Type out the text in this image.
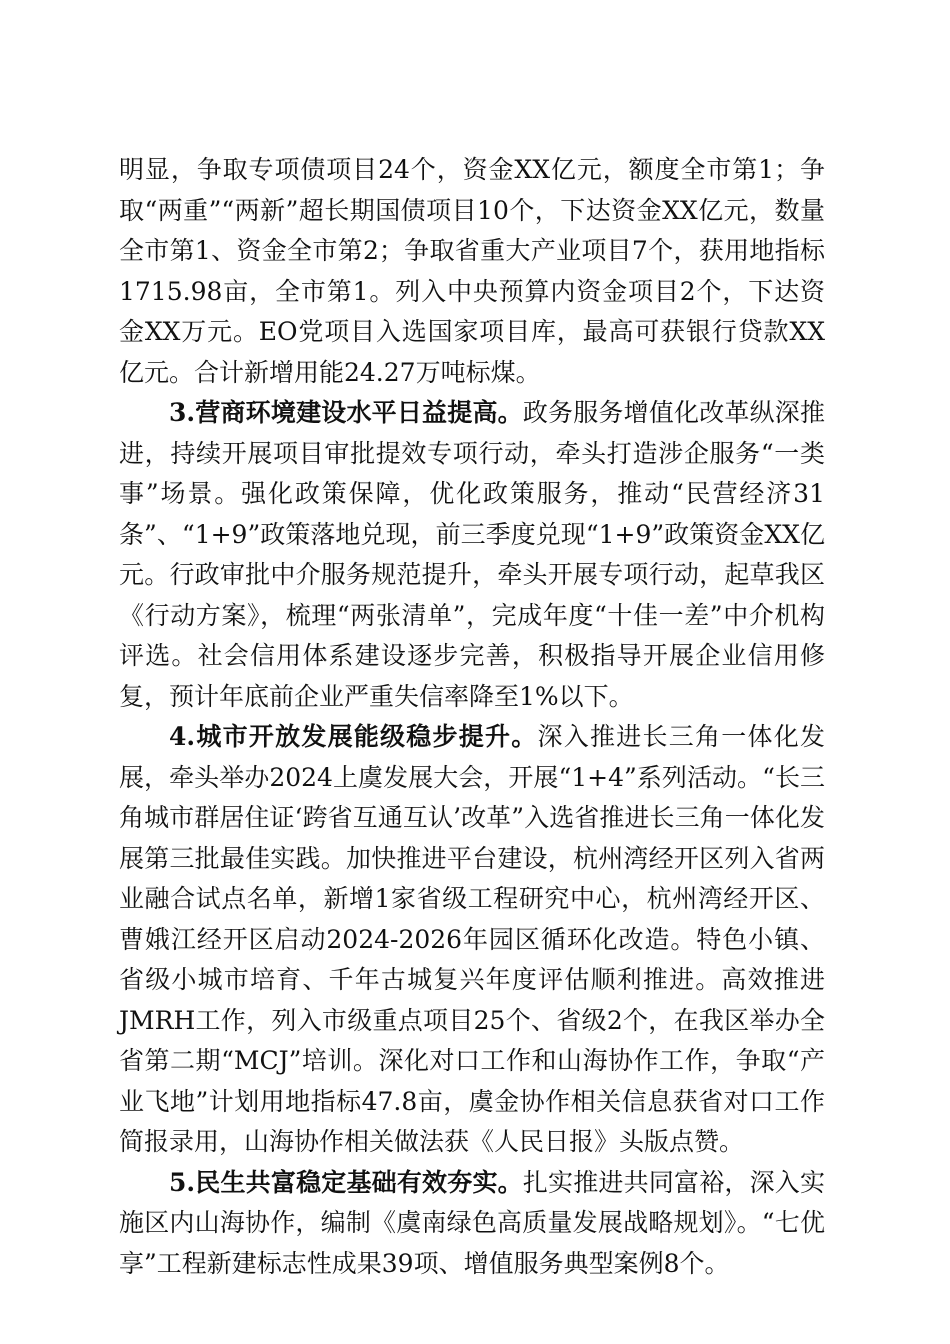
明显，争取专项债项目24个，资金XX亿元，额度全市第1；争取“两重”“两新”超长期国债项目10个，下达资金XX亿元，数量全市第1、资金全市第2；争取省重大产业项目7个，获用地指标1715.98亩，全市第1。列入中央预算内资金项目2个，下达资金XX万元。EO党项目入选国家项目库，最高可获银行贷款XX亿元。合计新增用能24.27万吨标煤。

3.营商环境建设水平日益提高。政务服务增值化改革纵深推进，持续开展项目审批提效专项行动，牵头打造涉企服务“一类事”场景。强化政策保障，优化政策服务，推动“民营经济31条”、“1+9”政策落地兑现，前三季度兑现“1+9”政策资金XX亿元。行政审批中介服务规范提升，牵头开展专项行动，起草我区《行动方案》，梳理“两张清单”，完成年度“十佳一差”中介机构评选。社会信用体系建设逐步完善，积极指导开展企业信用修复，预计年底前企业严重失信率降至1%以下。

4.城市开放发展能级稳步提升。深入推进长三角一体化发展，牵头举办2024上虞发展大会，开展“1+4”系列活动。“长三角城市群居住证‘跨省互通互认’改革”入选省推进长三角一体化发展第三批最佳实践。加快推进平台建设，杭州湾经开区列入省两业融合试点名单，新增1家省级工程研究中心，杭州湾经开区、曹娥江经开区启动2024-2026年园区循环化改造。特色小镇、省级小城市培育、千年古城复兴年度评估顺利推进。高效推进JMRH工作，列入市级重点项目25个、省级2个，在我区举办全省第二期“MCJ”培训。深化对口工作和山海协作工作，争取“产业飞地”计划用地指标47.8亩，虞金协作相关信息获省对口工作简报录用，山海协作相关做法获《人民日报》头版点赞。

5.民生共富稳定基础有效夯实。扎实推进共同富裕，深入实施区内山海协作，编制《虞南绿色高质量发展战略规划》。“七优享”工程新建标志性成果39项、增值服务典型案例8个。
